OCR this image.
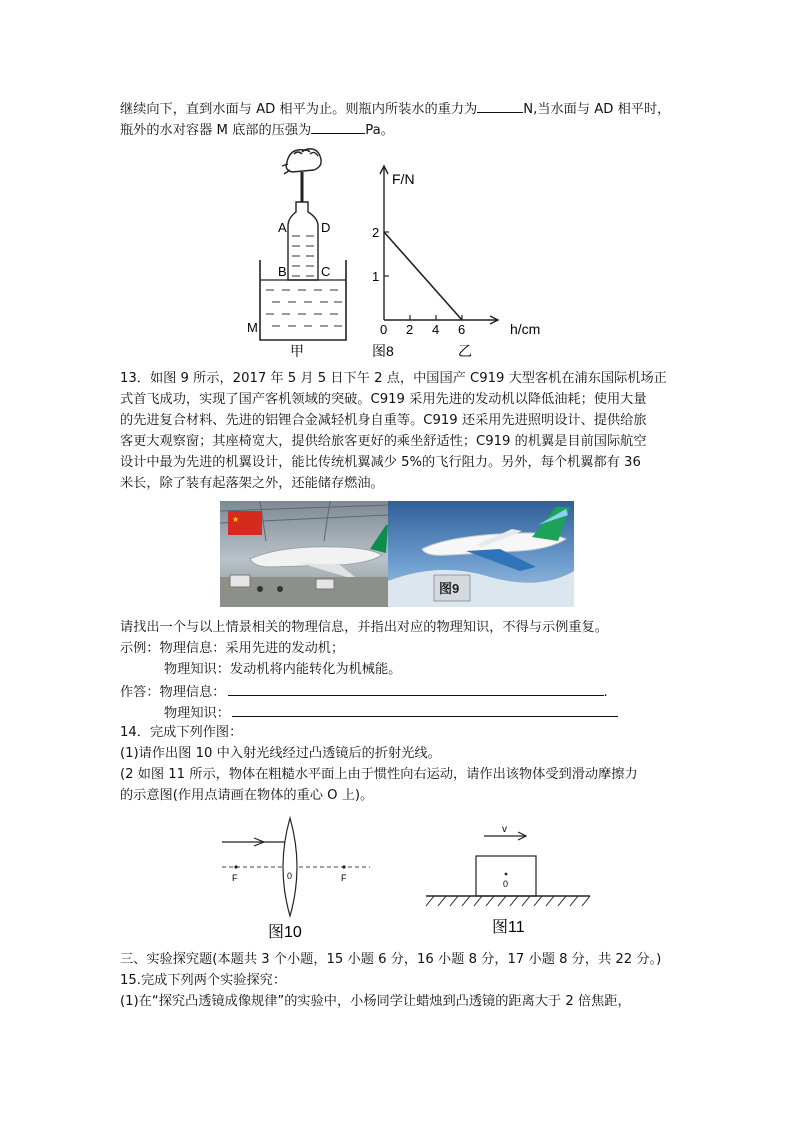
继续向下，直到水面与 AD 相平为止。则瓶内所装水的重力为	N,当水面与 AD 相平时，
瓶外的水对容器 M 底部的压强为	Pa。
A	D
B	C
M
甲	图8	乙
F/N
h/cm
0 2 4 6
1
2
13．如图 9 所示，2017 年 5 月 5 日下午 2 点，中国国产 C919 大型客机在浦东国际机场正
式首飞成功，实现了国产客机领域的突破。C919 采用先进的发动机以降低油耗；使用大量
的先进复合材料、先进的铝锂合金减轻机身自重等。C919 还采用先进照明设计、提供给旅
客更大观察窗；其座椅宽大，提供给旅客更好的乘坐舒适性；C919 的机翼是目前国际航空
设计中最为先进的机翼设计，能比传统机翼减少 5%的飞行阻力。另外，每个机翼都有 36
米长，除了装有起落架之外，还能储存燃油。
★
图9
请找出一个与以上情景相关的物理信息，并指出对应的物理知识，不得与示例重复。
示例：物理信息：采用先进的发动机；
物理知识：发动机将内能转化为机械能。
作答：物理信息：	.
物理知识：
14．完成下列作图：
(1)请作出图 10 中入射光线经过凸透镜后的折射光线。
(2 如图 11 所示，物体在粗糙水平面上由于惯性向右运动，请作出该物体受到滑动摩擦力
的示意图(作用点请画在物体的重心 O 上)。
F	F
0
图10
v
0
图11
三、实验探究题(本题共 3 个小题，15 小题 6 分，16 小题 8 分，17 小题 8 分，共 22 分。)
15.完成下列两个实验探究：
(1)在“探究凸透镜成像规律”的实验中，小杨同学让蜡烛到凸透镜的距离大于 2 倍焦距，
